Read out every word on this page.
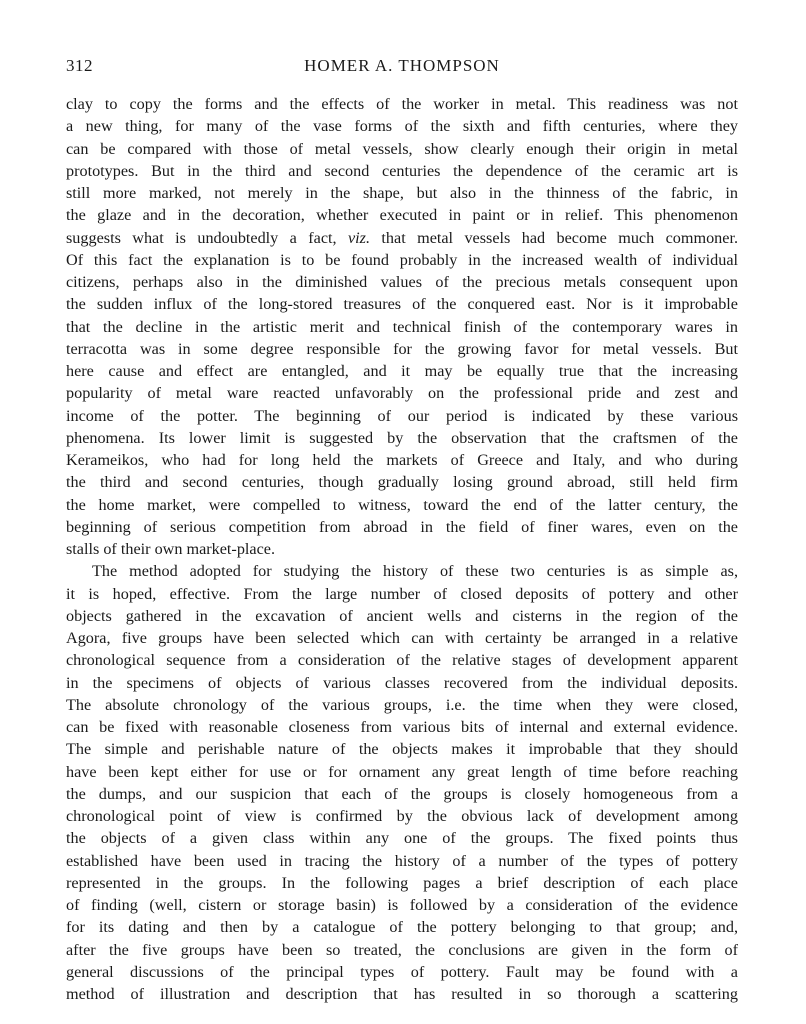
312	HOMER A. THOMPSON
clay to copy the forms and the effects of the worker in metal. This readiness was not
a new thing, for many of the vase forms of the sixth and fifth centuries, where they
can be compared with those of metal vessels, show clearly enough their origin in metal
prototypes. But in the third and second centuries the dependence of the ceramic art is
still more marked, not merely in the shape, but also in the thinness of the fabric, in
the glaze and in the decoration, whether executed in paint or in relief. This phenomenon
suggests what is undoubtedly a fact, viz. that metal vessels had become much commoner.
Of this fact the explanation is to be found probably in the increased wealth of individual
citizens, perhaps also in the diminished values of the precious metals consequent upon
the sudden influx of the long-stored treasures of the conquered east. Nor is it improbable
that the decline in the artistic merit and technical finish of the contemporary wares in
terracotta was in some degree responsible for the growing favor for metal vessels. But
here cause and effect are entangled, and it may be equally true that the increasing
popularity of metal ware reacted unfavorably on the professional pride and zest and
income of the potter. The beginning of our period is indicated by these various
phenomena. Its lower limit is suggested by the observation that the craftsmen of the
Kerameikos, who had for long held the markets of Greece and Italy, and who during
the third and second centuries, though gradually losing ground abroad, still held firm
the home market, were compelled to witness, toward the end of the latter century, the
beginning of serious competition from abroad in the field of finer wares, even on the
stalls of their own market-place.
The method adopted for studying the history of these two centuries is as simple as,
it is hoped, effective. From the large number of closed deposits of pottery and other
objects gathered in the excavation of ancient wells and cisterns in the region of the
Agora, five groups have been selected which can with certainty be arranged in a relative
chronological sequence from a consideration of the relative stages of development apparent
in the specimens of objects of various classes recovered from the individual deposits.
The absolute chronology of the various groups, i.e. the time when they were closed,
can be fixed with reasonable closeness from various bits of internal and external evidence.
The simple and perishable nature of the objects makes it improbable that they should
have been kept either for use or for ornament any great length of time before reaching
the dumps, and our suspicion that each of the groups is closely homogeneous from a
chronological point of view is confirmed by the obvious lack of development among
the objects of a given class within any one of the groups. The fixed points thus
established have been used in tracing the history of a number of the types of pottery
represented in the groups. In the following pages a brief description of each place
of finding (well, cistern or storage basin) is followed by a consideration of the evidence
for its dating and then by a catalogue of the pottery belonging to that group; and,
after the five groups have been so treated, the conclusions are given in the form of
general discussions of the principal types of pottery. Fault may be found with a
method of illustration and description that has resulted in so thorough a scattering
